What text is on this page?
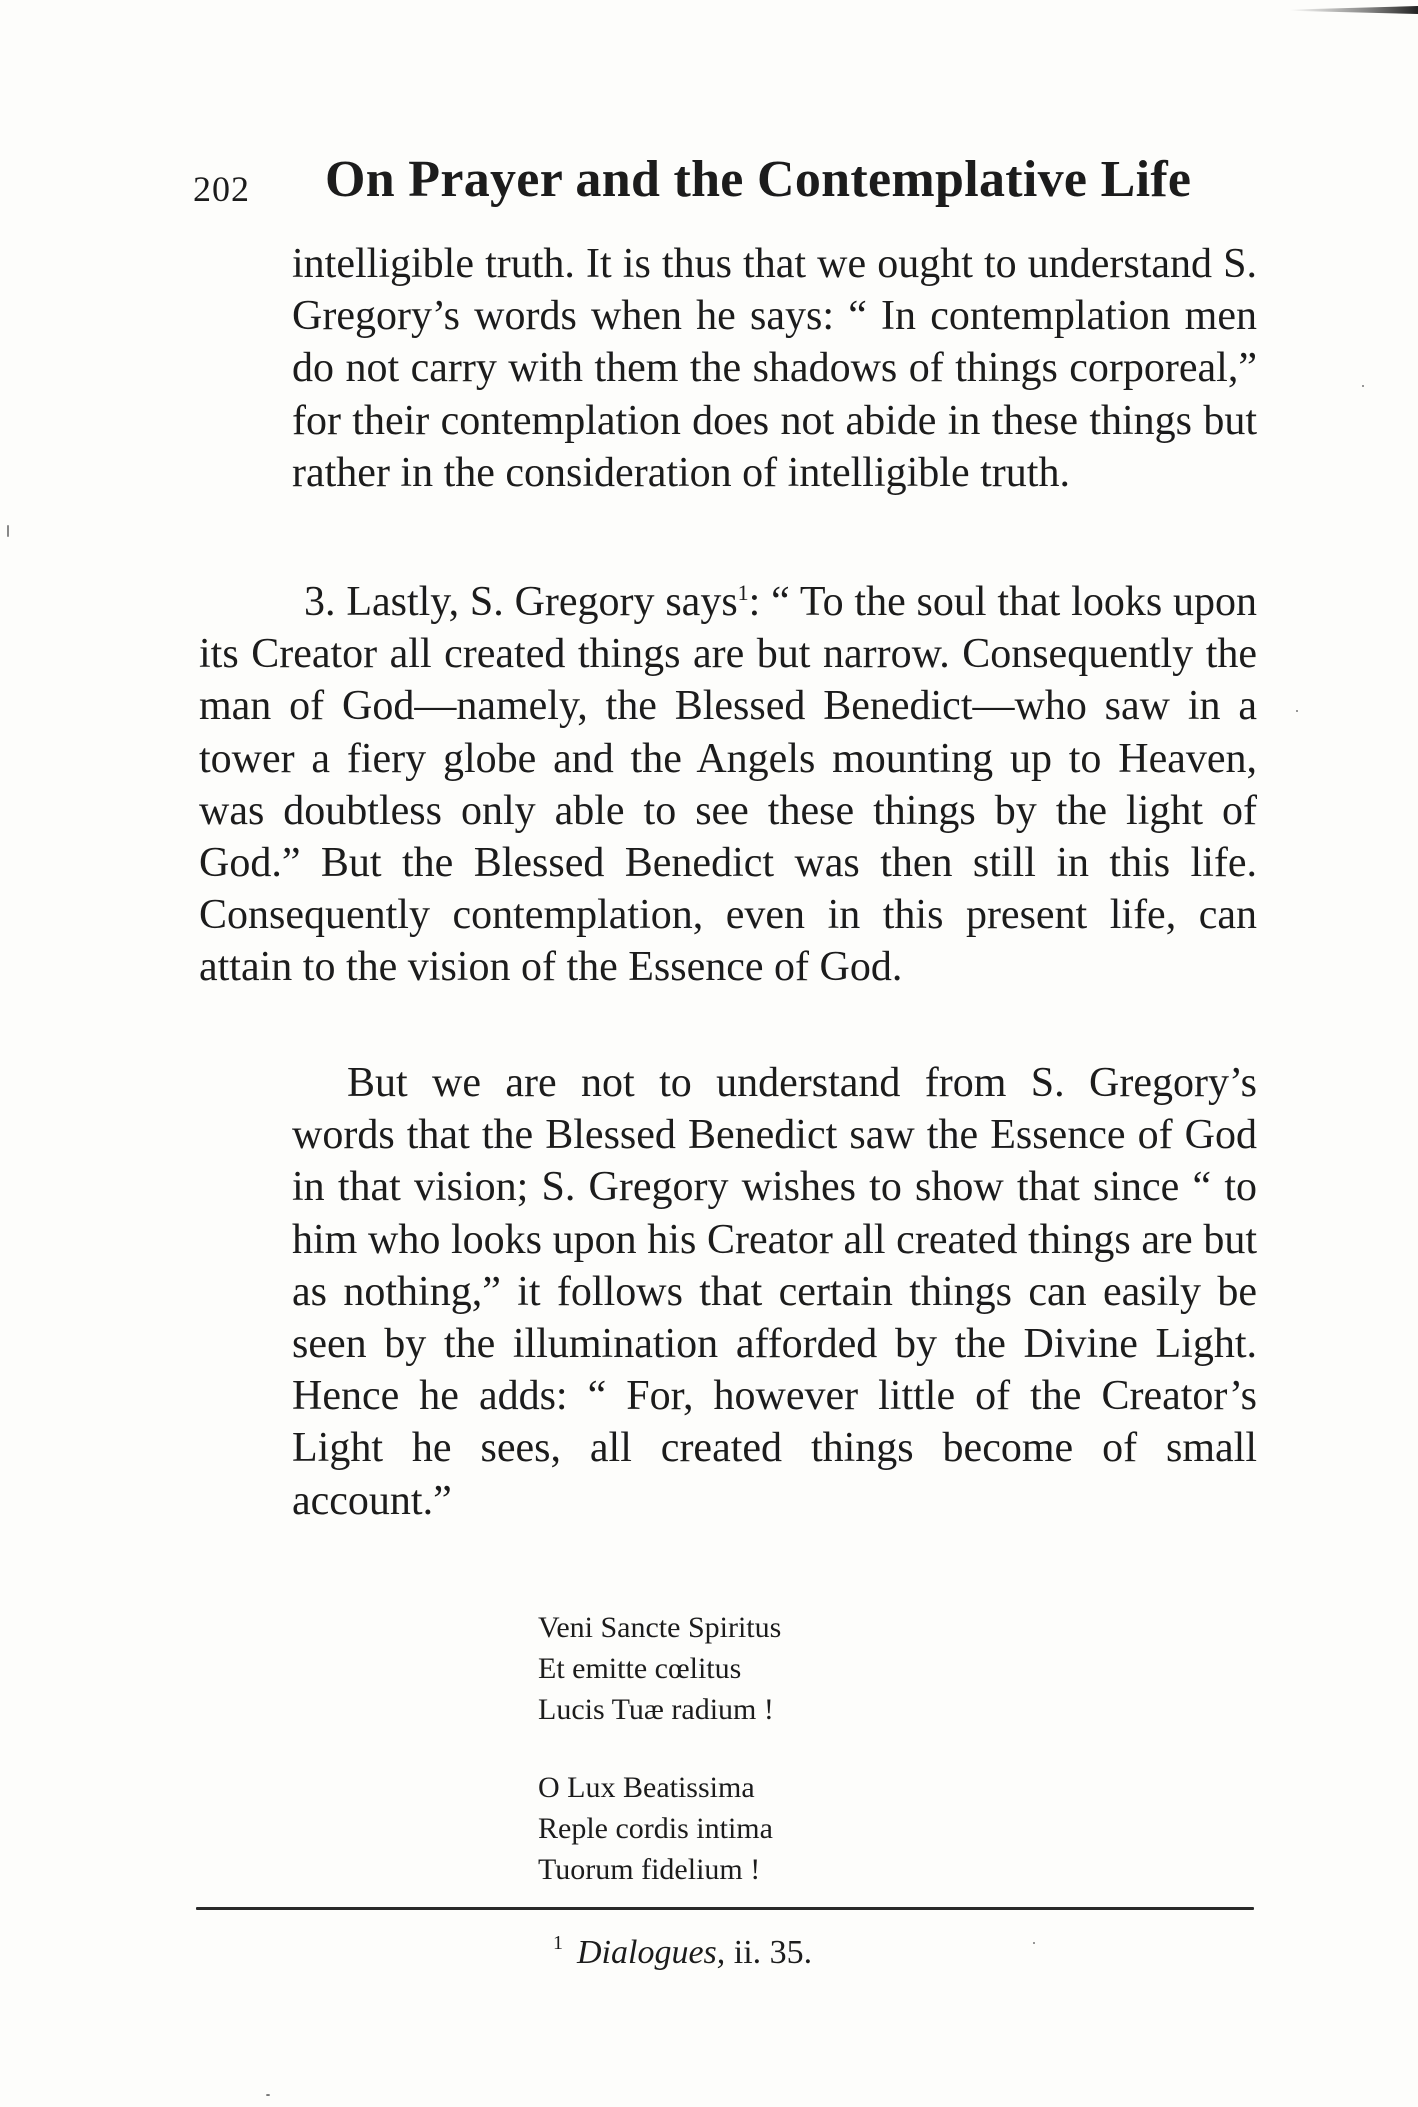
202 On Prayer and the Contemplative Life

intelligible truth. It is thus that we ought to understand S. Gregory’s words when he says: “ In contemplation men do not carry with them the shadows of things corporeal,” for their contemplation does not abide in these things but rather in the consideration of intelligible truth.

3. Lastly, S. Gregory says$^1$: “ To the soul that looks upon its Creator all created things are but narrow. Consequently the man of God—namely, the Blessed Benedict—who saw in a tower a fiery globe and the Angels mounting up to Heaven, was doubtless only able to see these things by the light of God.” But the Blessed Benedict was then still in this life. Consequently contemplation, even in this present life, can attain to the vision of the Essence of God.

But we are not to understand from S. Gregory’s words that the Blessed Benedict saw the Essence of God in that vision; S. Gregory wishes to show that since “ to him who looks upon his Creator all created things are but as nothing,” it follows that certain things can easily be seen by the illumination afforded by the Divine Light. Hence he adds: “ For, however little of the Creator’s Light he sees, all created things become of small account.”

Veni Sancte Spiritus
Et emitte cœlitus
Lucis Tuæ radium !
O Lux Beatissima
Reple cordis intima
Tuorum fidelium !
$^1$ Dialogues, ii. 35.
